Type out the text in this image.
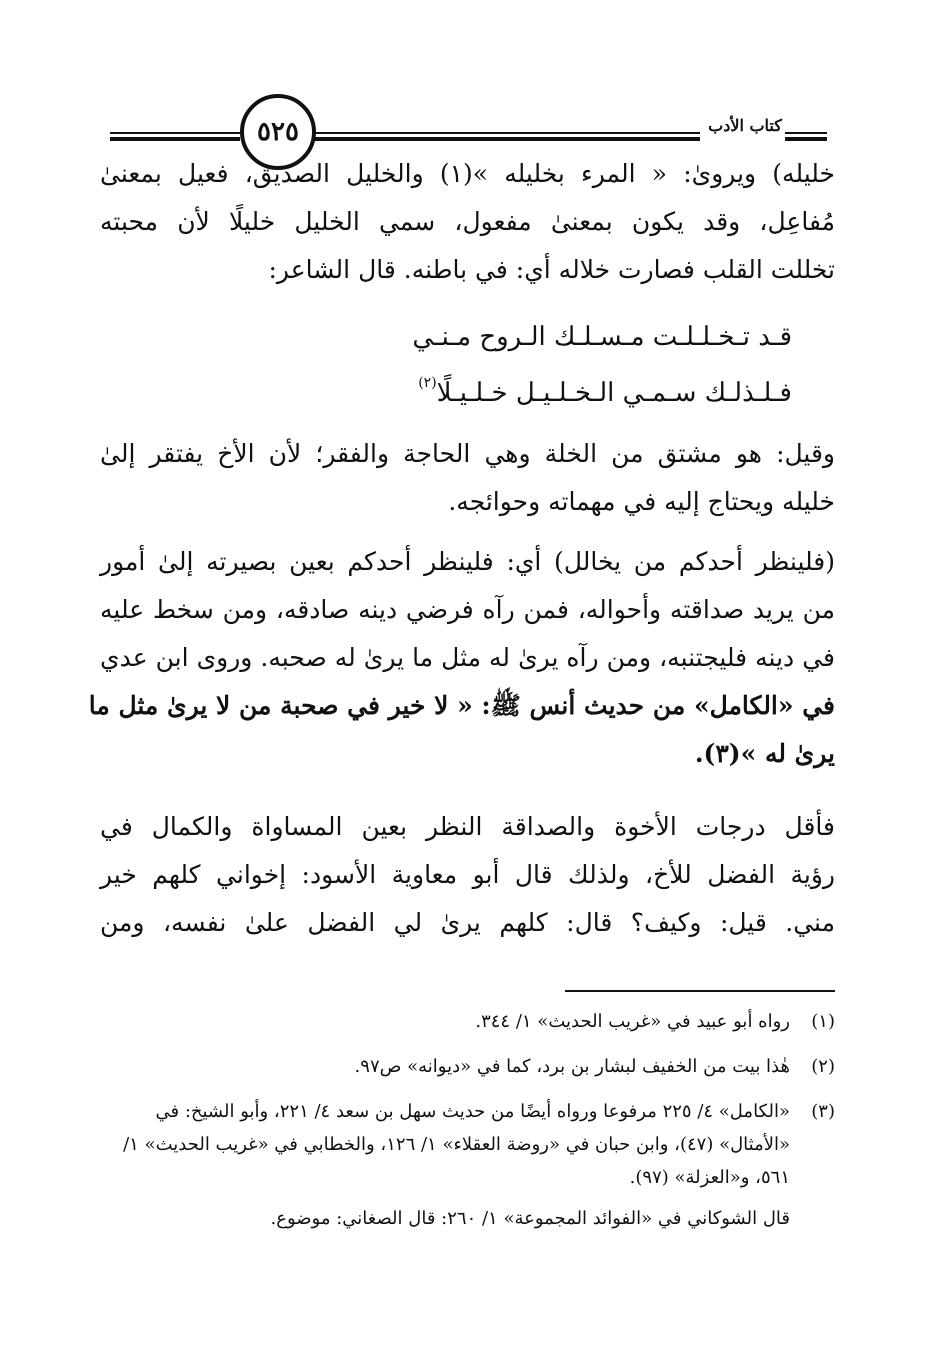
٥٢٥	كتاب الأدب
خليله) ويروىٰ: « المرء بخليله »(١) والخليل الصديق، فعيل بمعنىٰ
مُفاعِل، وقد يكون بمعنىٰ مفعول، سمي الخليل خليلًا لأن محبته
تخللت القلب فصارت خلاله أي: في باطنه. قال الشاعر:
قـد تـخـلـلـت مـسـلـك الـروح مـنـي
فـلـذلـك سـمـي الـخـلـيـل خـلـيـلًا$^{(٢)}$
وقيل: هو مشتق من الخلة وهي الحاجة والفقر؛ لأن الأخ يفتقر إلىٰ
خليله ويحتاج إليه في مهماته وحوائجه.
(فلينظر أحدكم من يخالل) أي: فلينظر أحدكم بعين بصيرته إلىٰ أمور
من يريد صداقته وأحواله، فمن رآه فرضي دينه صادقه، ومن سخط عليه
في دينه فليجتنبه، ومن رآه يرىٰ له مثل ما يرىٰ له صحبه. وروى ابن عدي
في «الكامل» من حديث أنس ﷺ: « لا خير في صحبة من لا يرىٰ مثل ما
يرىٰ له »(٣).
فأقل درجات الأخوة والصداقة النظر بعين المساواة والكمال في
رؤية الفضل للأخ، ولذلك قال أبو معاوية الأسود: إخواني كلهم خير
مني. قيل: وكيف؟ قال: كلهم يرىٰ لي الفضل علىٰ نفسه، ومن
(١)
رواه أبو عبيد في «غريب الحديث» ١/ ٣٤٤.
(٢)
هٰذا بيت من الخفيف لبشار بن برد، كما في «ديوانه» ص٩٧.
(٣)
«الكامل» ٤/ ٢٢٥ مرفوعا ورواه أيضًا من حديث سهل بن سعد ٤/ ٢٢١، وأبو الشيخ: في «الأمثال» (٤٧)، وابن حبان في «روضة العقلاء» ١/ ١٢٦، والخطابي في «غريب الحديث» ١/ ٥٦١، و«العزلة» (٩٧).
قال الشوكاني في «الفوائد المجموعة» ١/ ٢٦٠: قال الصغاني: موضوع.
